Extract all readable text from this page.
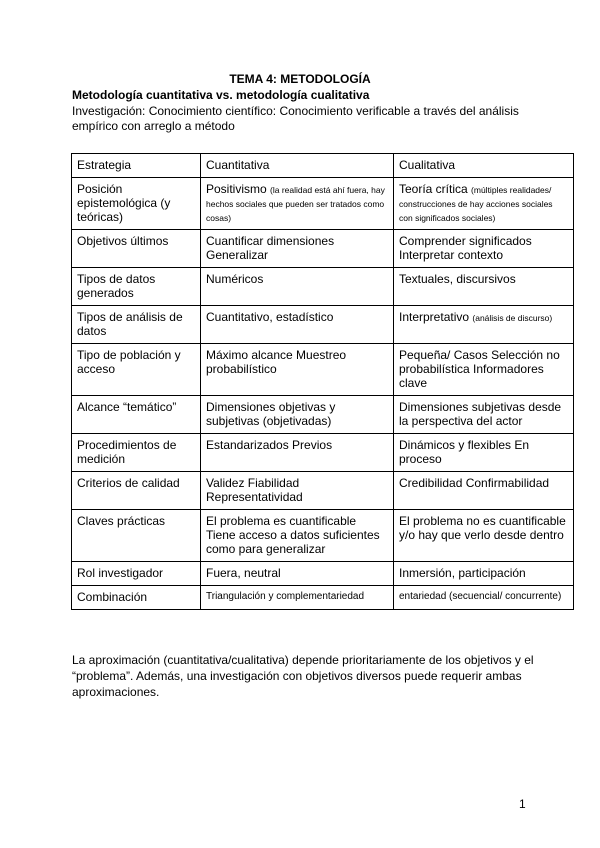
TEMA 4: METODOLOGÍA
Metodología cuantitativa vs. metodología cualitativa
Investigación: Conocimiento científico: Conocimiento verificable a través del análisis empírico con arreglo a método
Estrategia	Cuantitativa	Cualitativa
Posición epistemológica (y teóricas)	Positivismo (la realidad está ahí fuera, hay hechos sociales que pueden ser tratados como cosas)	Teoría crítica (múltiples realidades/ construcciones de hay acciones sociales con significados sociales)
Objetivos últimos	Cuantificar dimensiones Generalizar	Comprender significados Interpretar contexto
Tipos de datos generados	Numéricos	Textuales, discursivos
Tipos de análisis de datos	Cuantitativo, estadístico	Interpretativo (análisis de discurso)
Tipo de población y acceso	Máximo alcance Muestreo probabilístico	Pequeña/ Casos Selección no probabilística Informadores clave
Alcance “temático”	Dimensiones objetivas y subjetivas (objetivadas)	Dimensiones subjetivas desde la perspectiva del actor
Procedimientos de medición	Estandarizados Previos	Dinámicos y flexibles En proceso
Criterios de calidad	Validez Fiabilidad Representatividad	Credibilidad Confirmabilidad
Claves prácticas	El problema es cuantificable Tiene acceso a datos suficientes como para generalizar	El problema no es cuantificable y/o hay que verlo desde dentro
Rol investigador	Fuera, neutral	Inmersión, participación
Combinación	Triangulación y complementariedad	entariedad (secuencial/ concurrente)
La aproximación (cuantitativa/cualitativa) depende prioritariamente de los objetivos y el “problema”. Además, una investigación con objetivos diversos puede requerir ambas aproximaciones.
1
